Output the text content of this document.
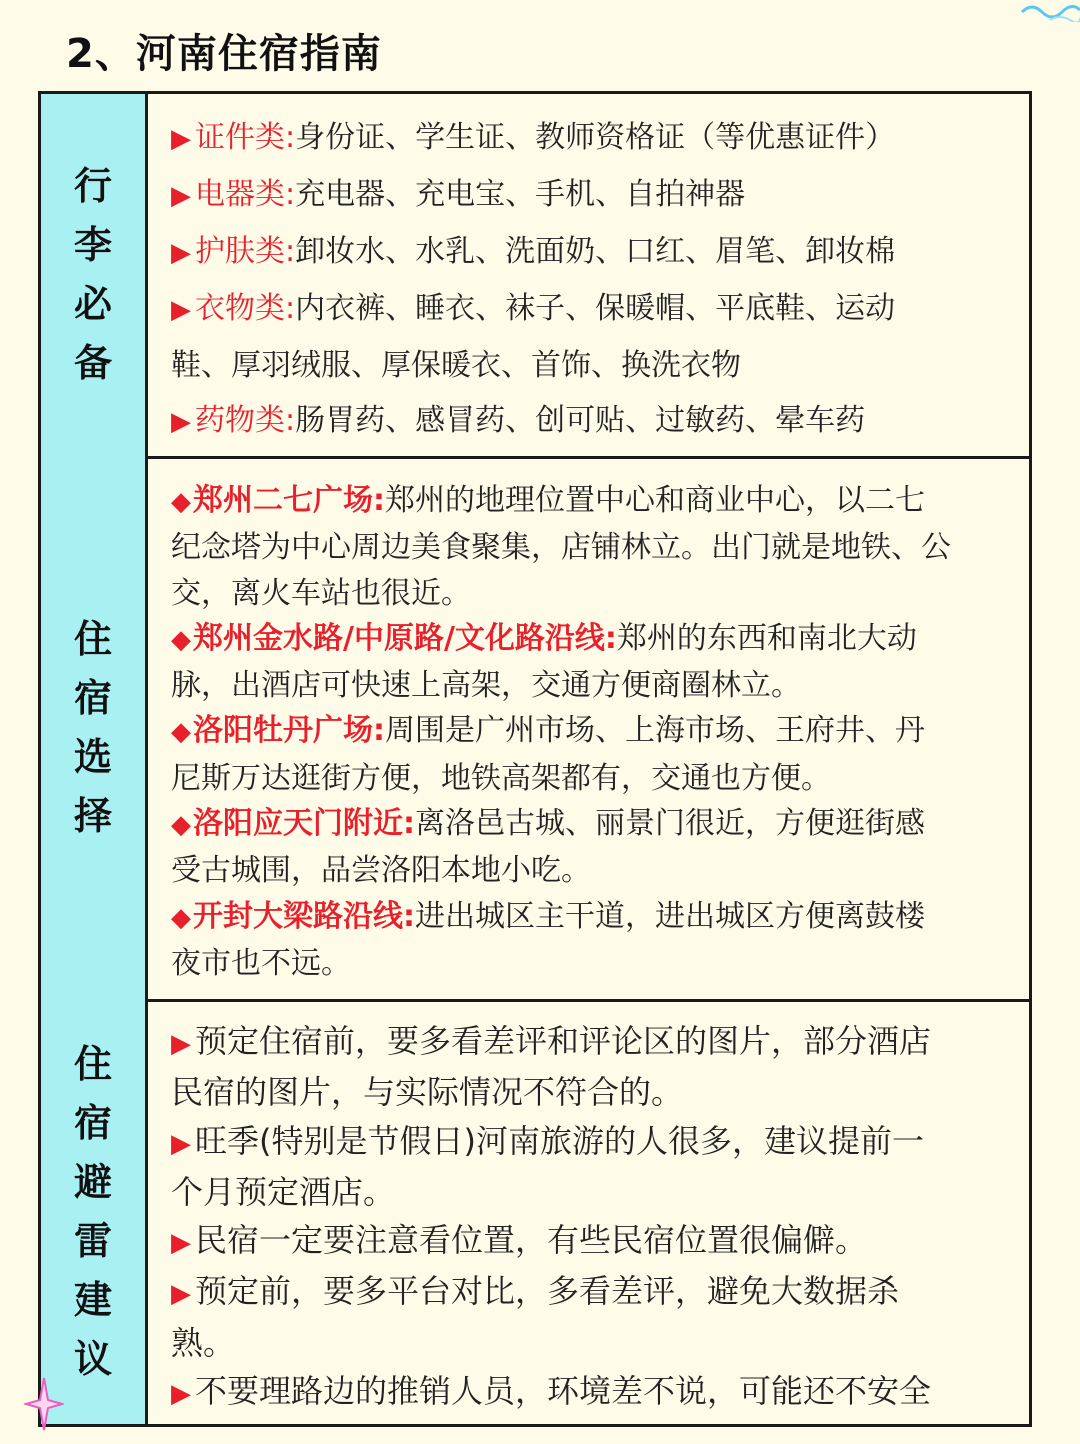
2、河南住宿指南
行
李
必
备
▶ 证件类:身份证、学生证、教师资格证（等优惠证件）
▶ 电器类:充电器、充电宝、手机、自拍神器
▶ 护肤类:卸妆水、水乳、洗面奶、口红、眉笔、卸妆棉
▶ 衣物类:内衣裤、睡衣、袜子、保暖帽、平底鞋、运动
鞋、厚羽绒服、厚保暖衣、首饰、换洗衣物
▶ 药物类:肠胃药、感冒药、创可贴、过敏药、晕车药
住
宿
选
择
◆郑州二七广场:郑州的地理位置中心和商业中心，以二七
纪念塔为中心周边美食聚集，店铺林立。出门就是地铁、公
交，离火车站也很近。
◆郑州金水路/中原路/文化路沿线:郑州的东西和南北大动
脉，出酒店可快速上高架，交通方便商圈林立。
◆洛阳牡丹广场:周围是广州市场、上海市场、王府井、丹
尼斯万达逛街方便，地铁高架都有，交通也方便。
◆洛阳应天门附近:离洛邑古城、丽景门很近，方便逛街感
受古城围，品尝洛阳本地小吃。
◆开封大梁路沿线:进出城区主干道，进出城区方便离鼓楼
夜市也不远。
住
宿
避
雷
建
议
▶ 预定住宿前，要多看差评和评论区的图片，部分酒店
民宿的图片，与实际情况不符合的。
▶ 旺季(特别是节假日)河南旅游的人很多，建议提前一
个月预定酒店。
▶ 民宿一定要注意看位置，有些民宿位置很偏僻。
▶ 预定前，要多平台对比，多看差评，避免大数据杀
熟。
▶ 不要理路边的推销人员，环境差不说，可能还不安全
